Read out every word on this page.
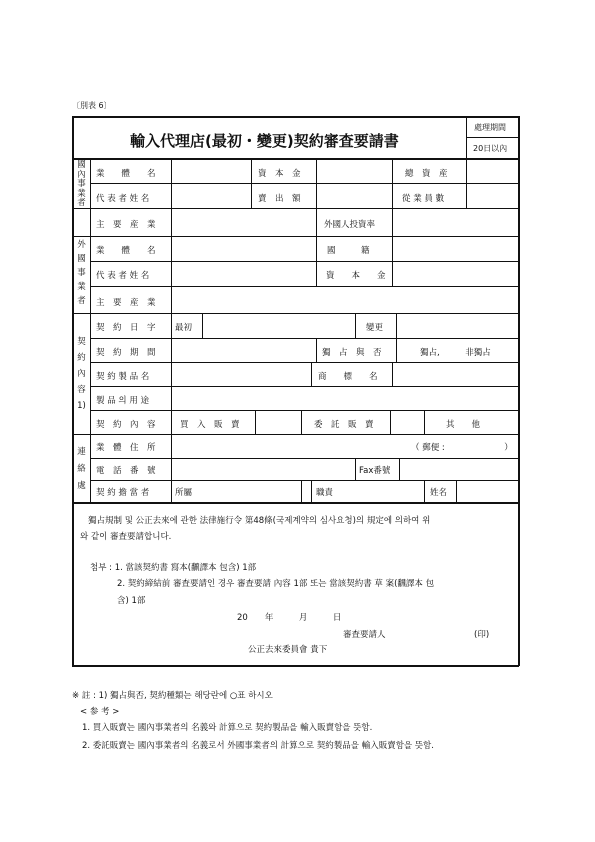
〔別表 6〕
輸入代理店(最初・變更)契約審査要請書
處理期間
20日以內
國
內
事
業
者
外
國
事
業
者
契
約
內
容
1)
連
絡
處
業　　體　　名	資　本　金	總　資　産
代 表 者 姓 名	賣　出　額	從 業 員 數
主　要　産　業	外國人投資率
業　　體　　名	國　　　籍
代 表 者 姓 名	資　　本　　金
主　要　産　業
契　約　日　字 最初	變更
契　約　期　間	獨　占　與　否	獨占,　　　非獨占
契 約 製 品 名	商　　標　　名
製 品 의 用 途
契　約　內　容	買　入　販　賣	委　託　販　賣	其　　他
業　體　住　所	（ 郵便 :　　　　　　　）
電　話　番　號	Fax番號
契 約 擔 當 者	所屬	職責	姓名
獨占規制 및 公正去來에 관한 法律施行令 第48條(국제계약의 심사요청)의 規定에 의하여 위
와 같이 審査要請합니다.
첨부 : 1. 當該契約書 寫本(飜譯本 包含) 1部
2. 契約締結前 審査要請인 경우 審査要請 內容 1部 또는 當該契約書 草 案(飜譯本 包
含) 1部
20　　年　　　月　　　日
審査要請人	(印)
公正去來委員會 貴下
※ 註 : 1) 獨占與否, 契約種類는 해당란에 ○표 하시오
< 参 考 >
1. 買入販賣는 國內事業者의 名義와 計算으로 契約製品을 輸入販賣함을 뜻함.
2. 委託販賣는 國內事業者의 名義로서 外國事業者의 計算으로 契約製品을 輸入販賣함을 뜻함.
